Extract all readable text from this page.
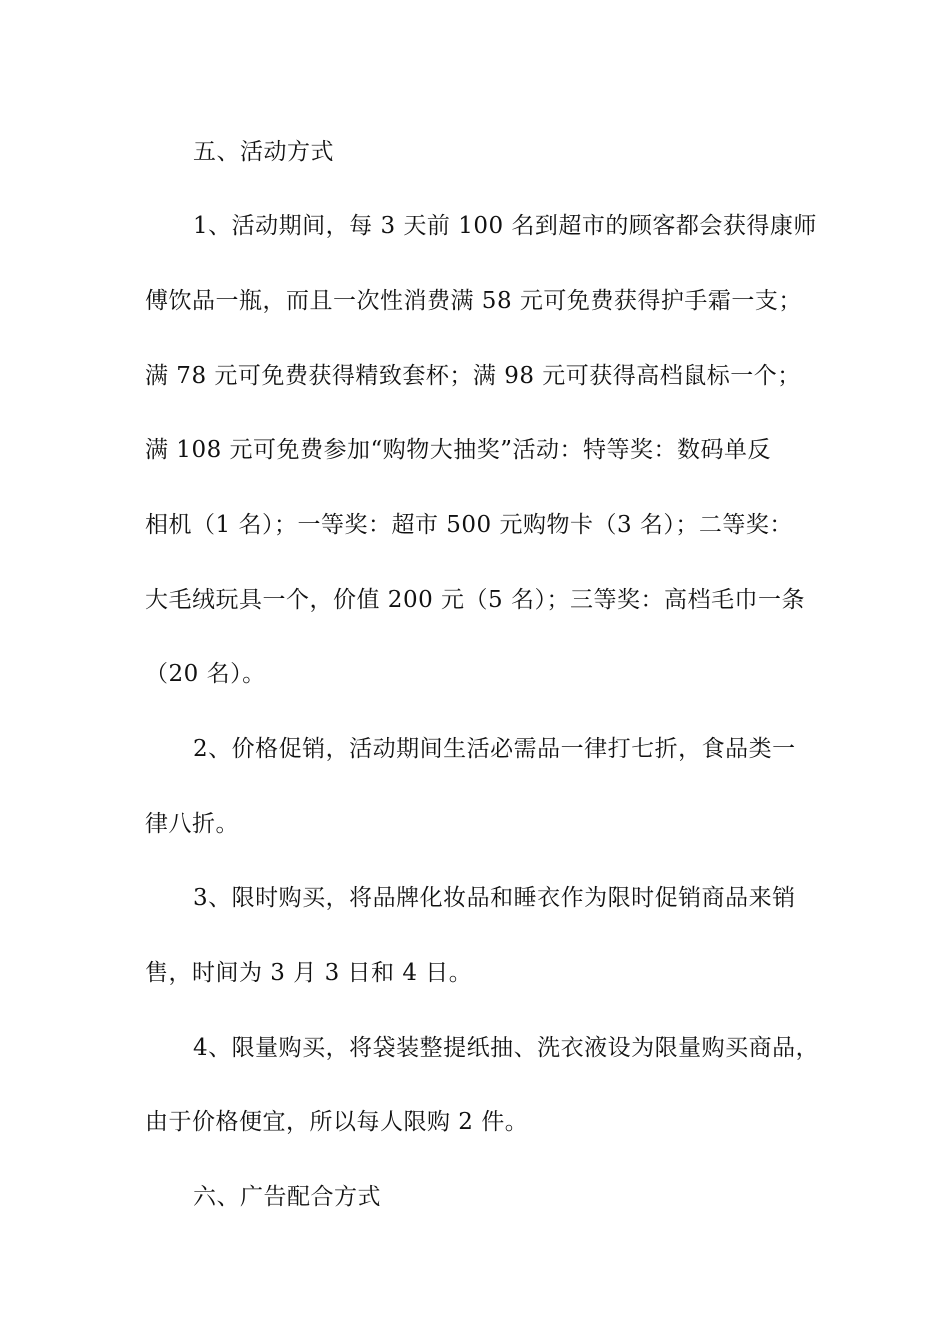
五、活动方式
1、活动期间，每 3 天前 100 名到超市的顾客都会获得康师
傅饮品一瓶，而且一次性消费满 58 元可免费获得护手霜一支；
满 78 元可免费获得精致套杯；满 98 元可获得高档鼠标一个；
满 108 元可免费参加“购物大抽奖”活动：特等奖：数码单反
相机（1 名）；一等奖：超市 500 元购物卡（3 名）；二等奖：
大毛绒玩具一个，价值 200 元（5 名）；三等奖：高档毛巾一条
（20 名）。
2、价格促销，活动期间生活必需品一律打七折，食品类一
律八折。
3、限时购买，将品牌化妆品和睡衣作为限时促销商品来销
售，时间为 3 月 3 日和 4 日。
4、限量购买，将袋装整提纸抽、洗衣液设为限量购买商品，
由于价格便宜，所以每人限购 2 件。
六、广告配合方式
